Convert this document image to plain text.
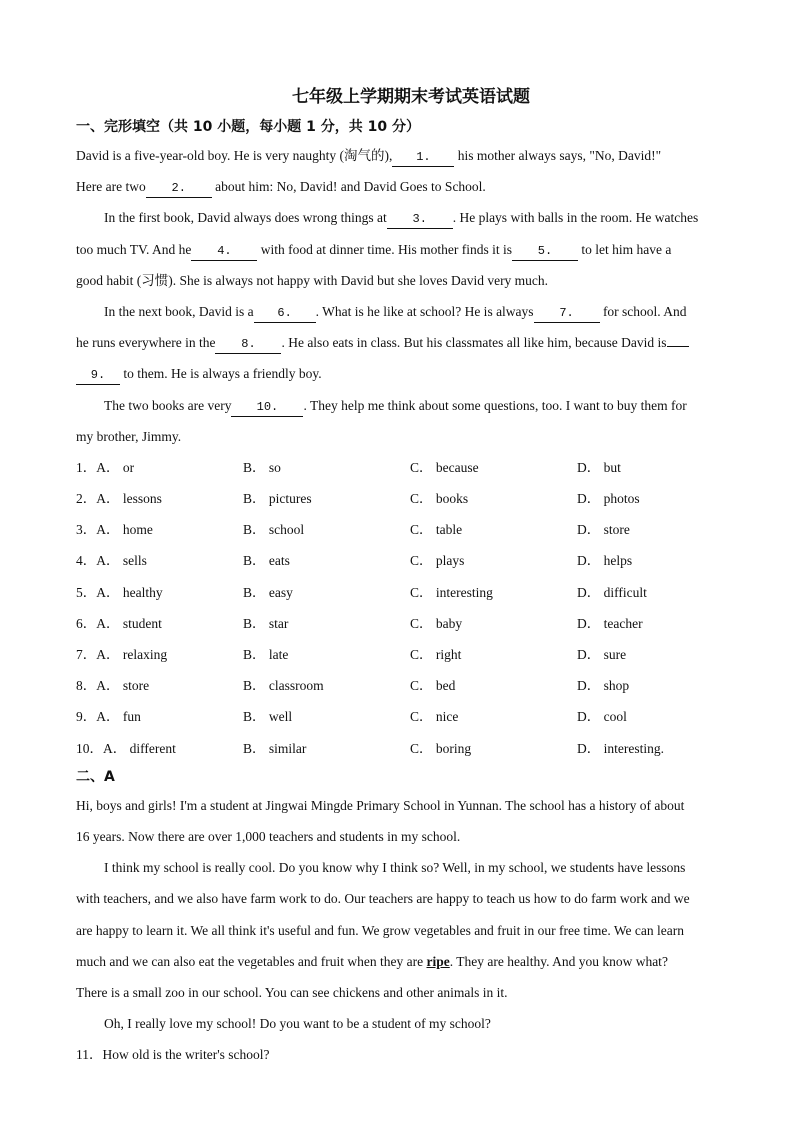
七年级上学期期末考试英语试题
一、完形填空（共 10 小题，每小题 1 分，共 10 分）
David is a five-year-old boy. He is very naughty (淘气的), 1. his mother always says, "No, David!"
Here are two 2. about him: No, David! and David Goes to School.
In the first book, David always does wrong things at 3. . He plays with balls in the room. He watches
too much TV. And he 4. with food at dinner time. His mother finds it is 5. to let him have a
good habit (习惯). She is always not happy with David but she loves David very much.
In the next book, David is a 6. . What is he like at school? He is always 7. for school. And
he runs everywhere in the 8. . He also eats in class. But his classmates all like him, because David is
9. to them. He is always a friendly boy.
The two books are very 10. . They help me think about some questions, too. I want to buy them for
my brother, Jimmy.
1．A． or	B． so	C． because	D． but
2．A． lessons	B． pictures	C． books	D． photos
3．A． home	B． school	C． table	D． store
4．A． sells	B． eats	C． plays	D． helps
5．A． healthy	B． easy	C． interesting	D． difficult
6．A． student	B． star	C． baby	D． teacher
7．A． relaxing	B． late	C． right	D． sure
8．A． store	B． classroom	C． bed	D． shop
9．A． fun	B． well	C． nice	D． cool
10．A． different	B． similar	C． boring	D． interesting.
二、A
Hi, boys and girls! I'm a student at Jingwai Mingde Primary School in Yunnan. The school has a history of about
16 years. Now there are over 1,000 teachers and students in my school.
I think my school is really cool. Do you know why I think so? Well, in my school, we students have lessons
with teachers, and we also have farm work to do. Our teachers are happy to teach us how to do farm work and we
are happy to learn it. We all think it's useful and fun. We grow vegetables and fruit in our free time. We can learn
much and we can also eat the vegetables and fruit when they are ripe. They are healthy. And you know what?
There is a small zoo in our school. You can see chickens and other animals in it.
Oh, I really love my school! Do you want to be a student of my school?
11．How old is the writer's school?
